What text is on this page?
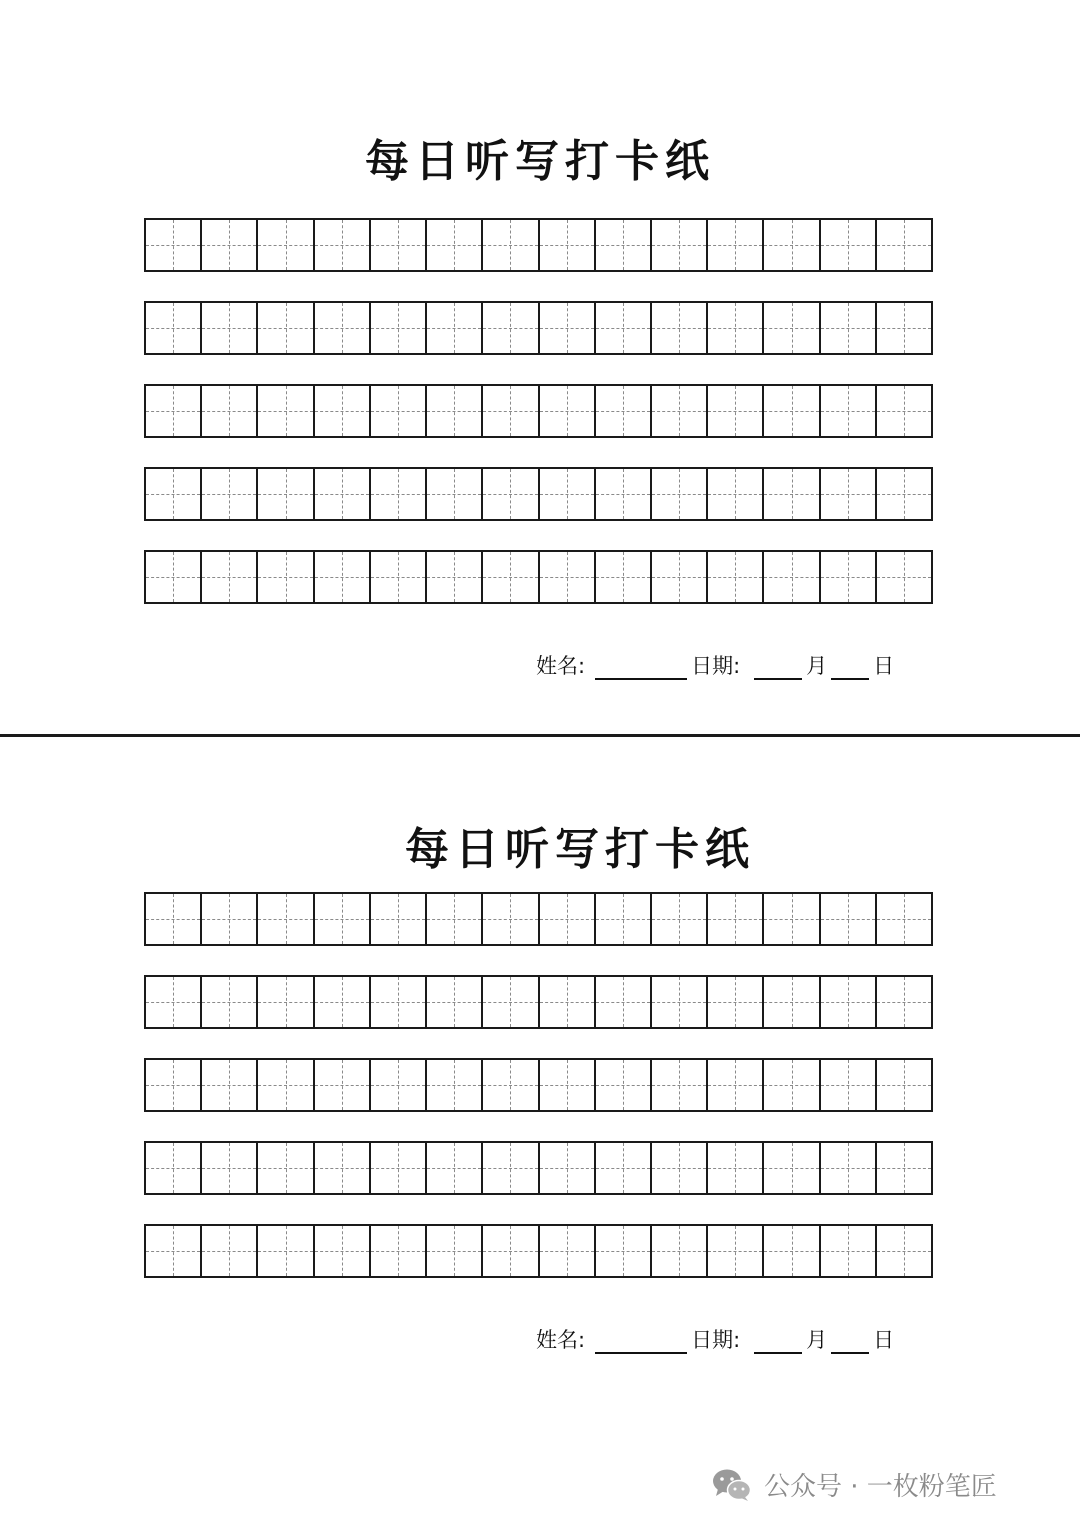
每日听写打卡纸
姓名:	日期:	月 日
每日听写打卡纸
姓名:	日期:	月 日
公众号 · 一枚粉笔匠
